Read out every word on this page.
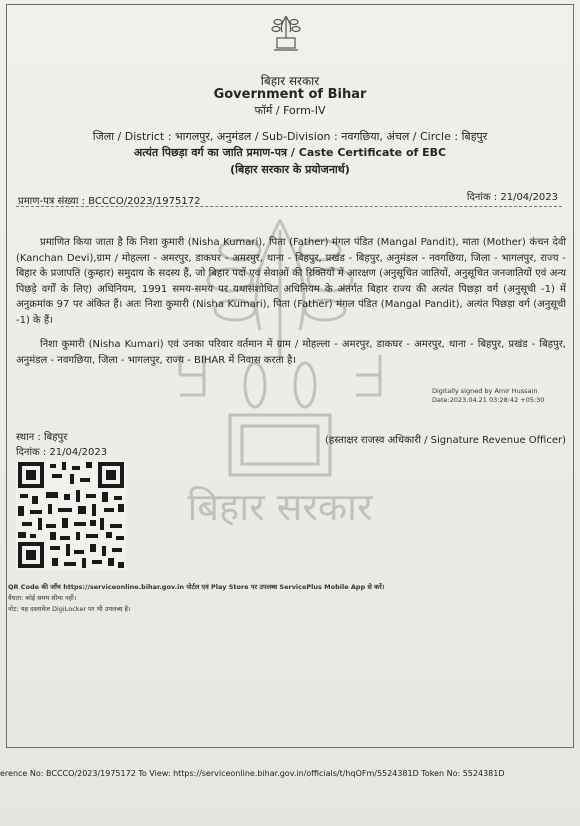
बिहार सरकार
Government of Bihar
फॉर्म / Form-IV
जिला / District : भागलपुर, अनुमंडल / Sub-Division : नवगछिया, अंचल / Circle : बिहपुर
अत्यंत पिछड़ा वर्ग का जाति प्रमाण-पत्र / Caste Certificate of EBC
(बिहार सरकार के प्रयोजनार्थ)
प्रमाण-पत्र संख्या : BCCCO/2023/1975172	दिनांक : 21/04/2023
बिहार सरकार
प्रमाणित किया जाता है कि निशा कुमारी (Nisha Kumari), पिता (Father) मंगल पंडित (Mangal Pandit), माता (Mother) कंचन देवी (Kanchan Devi),ग्राम / मोहल्ला - अमरपुर, डाकघर - अमरपुर, थाना - बिहपुर, प्रखंड - बिहपुर, अनुमंडल - नवगछिया, जिला - भागलपुर, राज्य - बिहार के प्रजापति (कुम्हार) समुदाय के सदस्य हैं, जो बिहार पदों एवं सेवाओं की रिक्तियों में आरक्षण (अनुसूचित जातियों, अनुसूचित जनजातियों एवं अन्य पिछड़े वर्गों के लिए) अधिनियम, 1991 समय-समय पर यथासंशोधित अधिनियम के अंतर्गत बिहार राज्य की अत्यंत पिछड़ा वर्ग (अनुसूची -1) में अनुक्रमांक 97 पर अंकित हैं। अतः निशा कुमारी (Nisha Kumari), पिता (Father) मंगल पंडित (Mangal Pandit), अत्यंत पिछड़ा वर्ग (अनुसूची -1) के हैं।
निशा कुमारी (Nisha Kumari) एवं उनका परिवार वर्तमान में ग्राम / मोहल्ला - अमरपुर, डाकघर - अमरपुर, थाना - बिहपुर, प्रखंड - बिहपुर, अनुमंडल - नवगछिया, जिला - भागलपुर, राज्य - BIHAR में निवास करता है।
Digitally signed by Amir Hussain
Date:2023.04.21 03:28:42 +05:30
स्थान : बिहपुर
दिनांक : 21/04/2023
(हस्ताक्षर राजस्व अधिकारी / Signature Revenue Officer)
QR Code की जाँच https://serviceonline.bihar.gov.in पोर्टल एवं Play Store पर उपलब्ध ServicePlus Mobile App से करें।
वैधता: कोई समय सीमा नहीं।
नोट: यह दस्तावेज DigiLocker पर भी उपलब्ध है।
erence No: BCCCO/2023/1975172 To View: https://serviceonline.bihar.gov.in/officials/t/hqOFm/5524381D Token No: 5524381D
